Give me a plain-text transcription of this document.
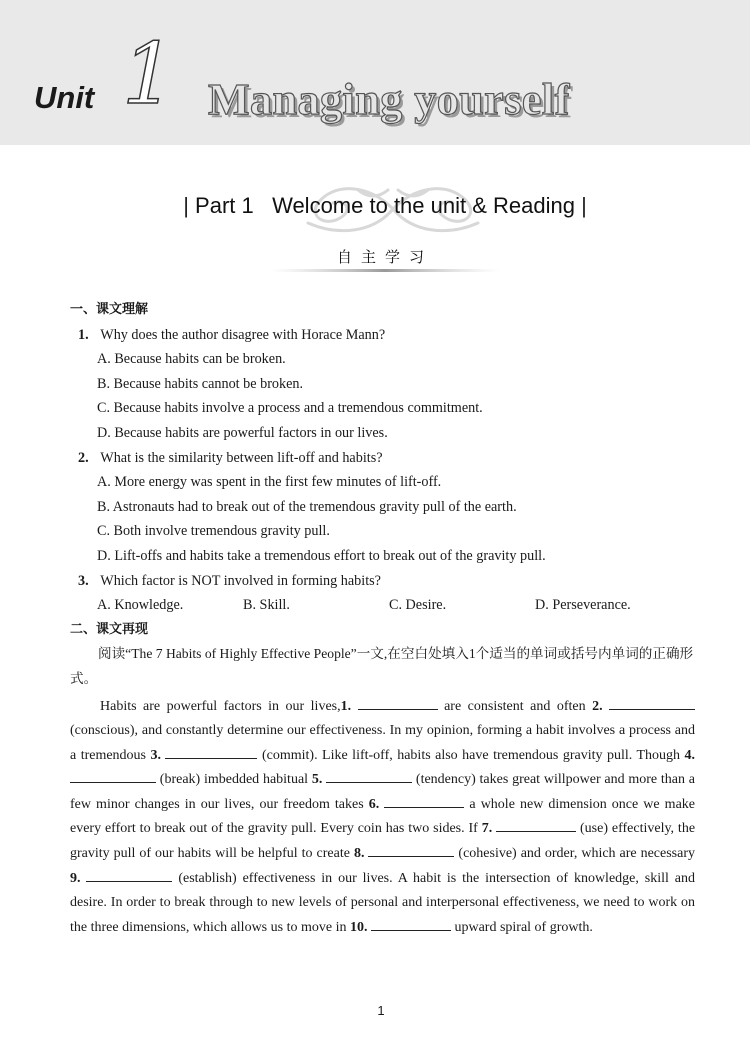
Unit 1 Managing yourself
| Part 1 Welcome to the unit & Reading |
自主学习
一、课文理解
1. Why does the author disagree with Horace Mann?
A. Because habits can be broken.
B. Because habits cannot be broken.
C. Because habits involve a process and a tremendous commitment.
D. Because habits are powerful factors in our lives.
2. What is the similarity between lift-off and habits?
A. More energy was spent in the first few minutes of lift-off.
B. Astronauts had to break out of the tremendous gravity pull of the earth.
C. Both involve tremendous gravity pull.
D. Lift-offs and habits take a tremendous effort to break out of the gravity pull.
3. Which factor is NOT involved in forming habits?
A. Knowledge.	B. Skill.	C. Desire.	D. Perseverance.
二、课文再现
阅读“The 7 Habits of Highly Effective People”一文,在空白处填入1个适当的单词或括号内单词的正确形式。
Habits are powerful factors in our lives,1.	are consistent and often 2.  (conscious), and constantly determine our effectiveness. In my opinion, forming a habit involves a process and a tremendous 3.	(commit). Like lift-off, habits also have tremendous gravity pull. Though 4.  (break) imbedded habitual 5.	(tendency) takes great willpower and more than a few minor changes in our lives, our freedom takes 6.	a whole new dimension once we make every effort to break out of the gravity pull. Every coin has two sides. If 7.	(use) effectively, the gravity pull of our habits will be helpful to create 8.	(cohesive) and order, which are necessary 9.	(establish) effectiveness in our lives. A habit is the intersection of knowledge, skill and desire. In order to break through to new levels of personal and interpersonal effectiveness, we need to work on the three dimensions, which allows us to move in 10.	upward spiral of growth.
1
